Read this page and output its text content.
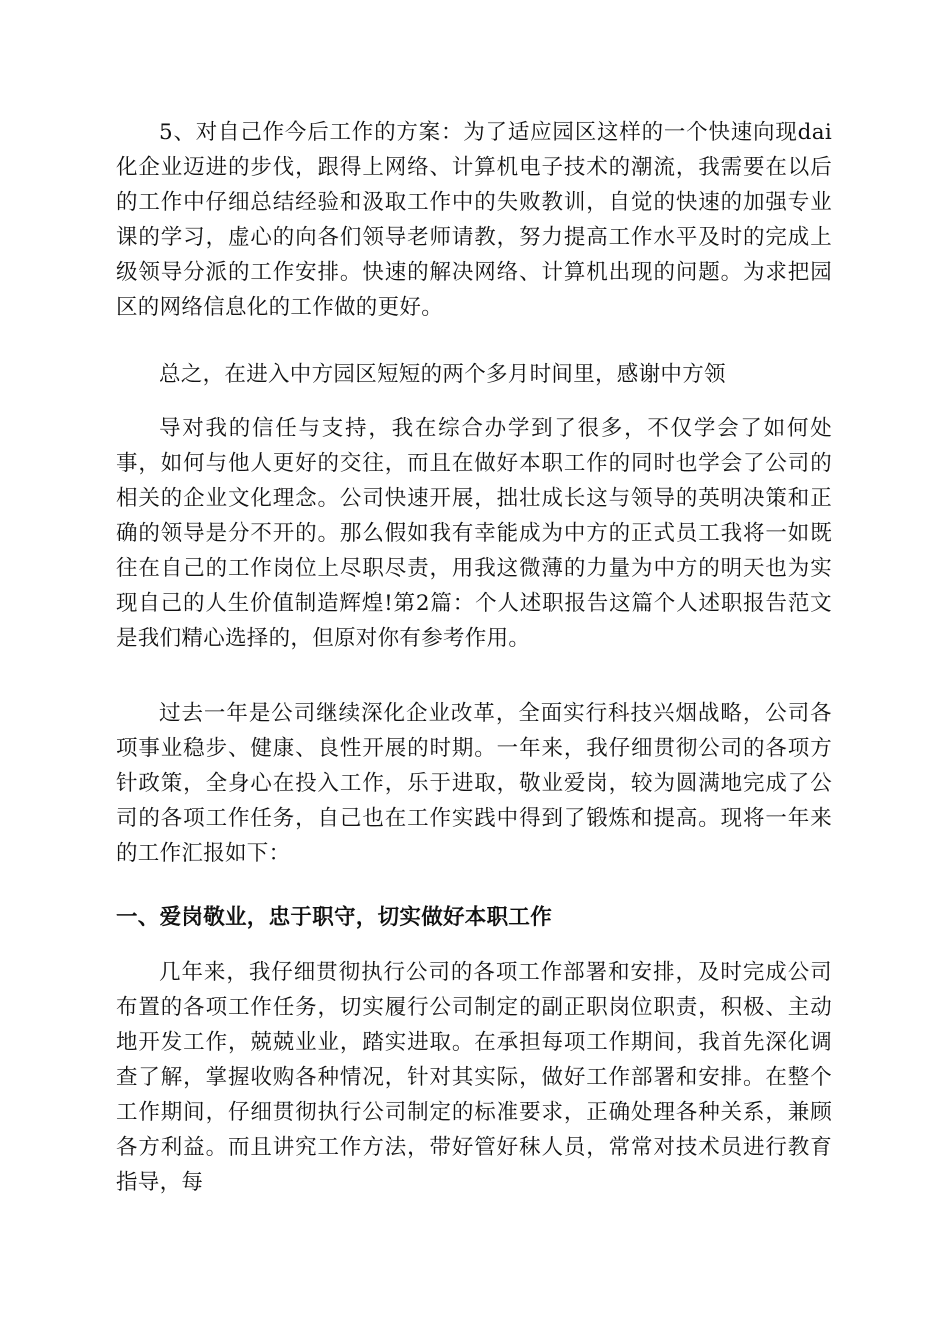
5、对自己作今后工作的方案：为了适应园区这样的一个快速向现dai化企业迈进的步伐，跟得上网络、计算机电子技术的潮流，我需要在以后的工作中仔细总结经验和汲取工作中的失败教训，自觉的快速的加强专业课的学习，虚心的向各们领导老师请教，努力提高工作水平及时的完成上级领导分派的工作安排。快速的解决网络、计算机出现的问题。为求把园区的网络信息化的工作做的更好。

总之，在进入中方园区短短的两个多月时间里，感谢中方领

导对我的信任与支持，我在综合办学到了很多，不仅学会了如何处事，如何与他人更好的交往，而且在做好本职工作的同时也学会了公司的相关的企业文化理念。公司快速开展，拙壮成长这与领导的英明决策和正确的领导是分不开的。那么假如我有幸能成为中方的正式员工我将一如既往在自己的工作岗位上尽职尽责，用我这微薄的力量为中方的明天也为实现自己的人生价值制造辉煌!第2篇：个人述职报告这篇个人述职报告范文是我们精心选择的，但原对你有参考作用。

过去一年是公司继续深化企业改革，全面实行科技兴烟战略，公司各项事业稳步、健康、良性开展的时期。一年来，我仔细贯彻公司的各项方针政策，全身心在投入工作，乐于进取，敬业爱岗，较为圆满地完成了公司的各项工作任务，自己也在工作实践中得到了锻炼和提高。现将一年来的工作汇报如下：

一、爱岗敬业，忠于职守，切实做好本职工作

几年来，我仔细贯彻执行公司的各项工作部署和安排，及时完成公司布置的各项工作任务，切实履行公司制定的副正职岗位职责，积极、主动地开发工作，兢兢业业，踏实进取。在承担每项工作期间，我首先深化调查了解，掌握收购各种情况，针对其实际，做好工作部署和安排。在整个工作期间，仔细贯彻执行公司制定的标准要求，正确处理各种关系，兼顾各方利益。而且讲究工作方法，带好管好秣人员，常常对技术员进行教育指导，每
